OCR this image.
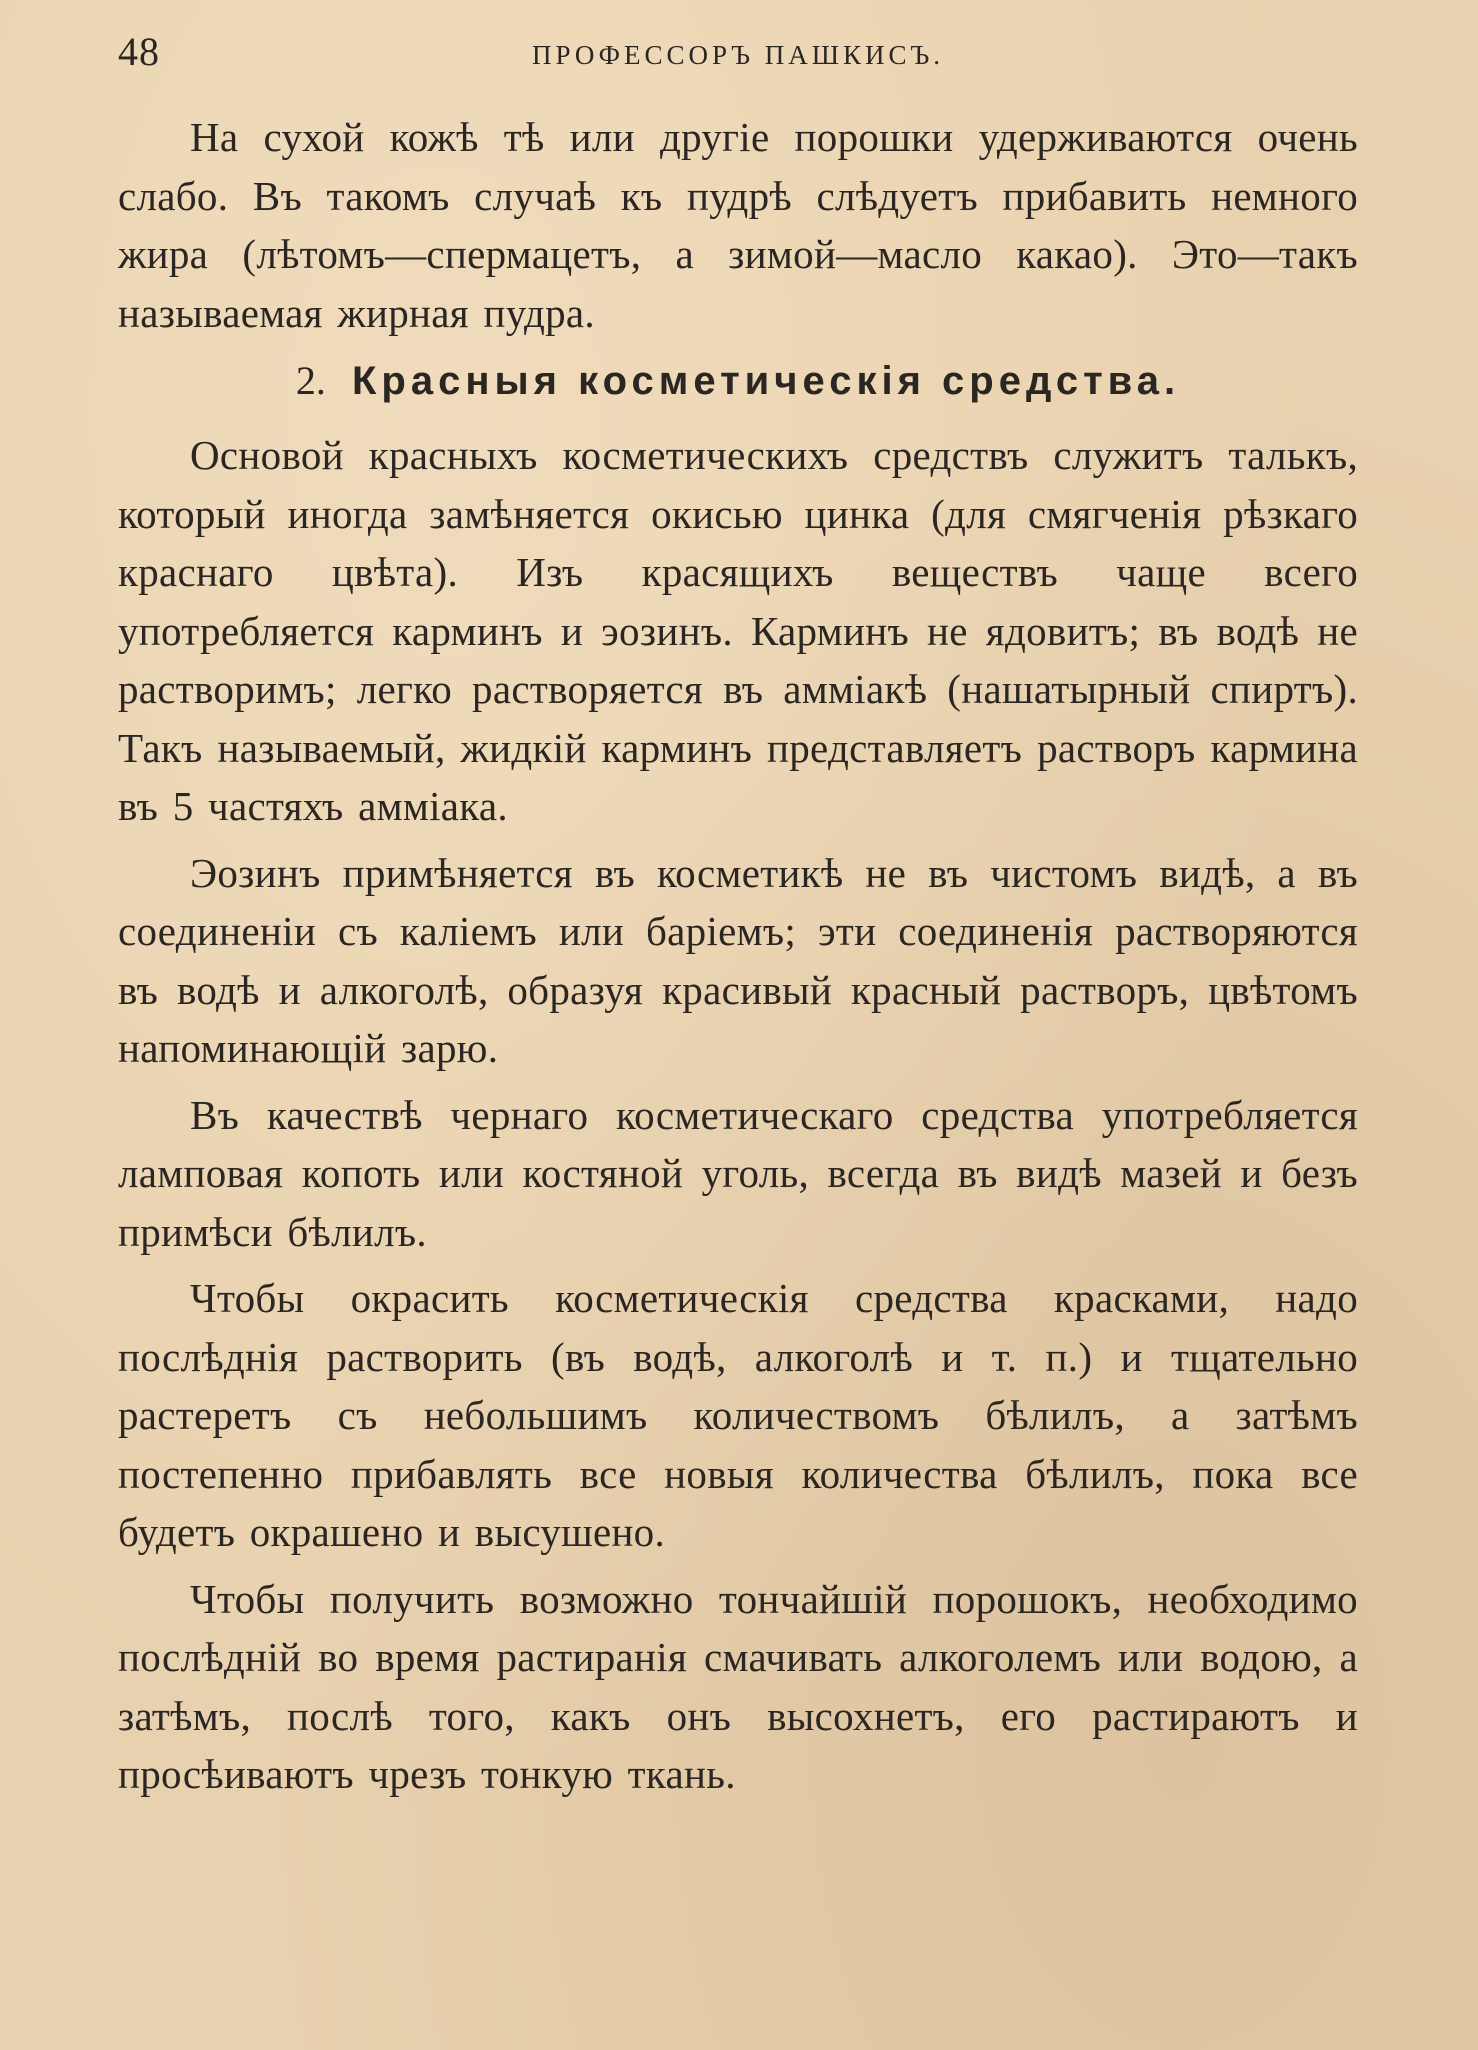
48	ПРОФЕССОРЪ ПАШКИСЪ.

На сухой кожѣ тѣ или другіе порошки удерживаются очень слабо. Въ такомъ случаѣ къ пудрѣ слѣдуетъ прибавить немного жира (лѣтомъ—спермацетъ, а зимой—масло какао). Это—такъ называемая жирная пудра.

2. Красныя косметическія средства.

Основой красныхъ косметическихъ средствъ служитъ талькъ, который иногда замѣняется окисью цинка (для смягченія рѣзкаго краснаго цвѣта). Изъ красящихъ веществъ чаще всего употребляется карминъ и эозинъ. Карминъ не ядовитъ; въ водѣ не растворимъ; легко растворяется въ амміакѣ (нашатырный спиртъ). Такъ называемый, жидкій карминъ представляетъ растворъ кармина въ 5 частяхъ амміака.

Эозинъ примѣняется въ косметикѣ не въ чистомъ видѣ, а въ соединеніи съ каліемъ или баріемъ; эти соединенія растворяются въ водѣ и алкоголѣ, образуя красивый красный растворъ, цвѣтомъ напоминающій зарю.

Въ качествѣ чернаго косметическаго средства употребляется ламповая копоть или костяной уголь, всегда въ видѣ мазей и безъ примѣси бѣлилъ.

Чтобы окрасить косметическія средства красками, надо послѣднія растворить (въ водѣ, алкоголѣ и т. п.) и тщательно растеретъ съ небольшимъ количествомъ бѣлилъ, а затѣмъ постепенно прибавлять все новыя количества бѣлилъ, пока все будетъ окрашено и высушено.

Чтобы получить возможно тончайшій порошокъ, необходимо послѣдній во время растиранія смачивать алкоголемъ или водою, а затѣмъ, послѣ того, какъ онъ высохнетъ, его растираютъ и просѣиваютъ чрезъ тонкую ткань.
